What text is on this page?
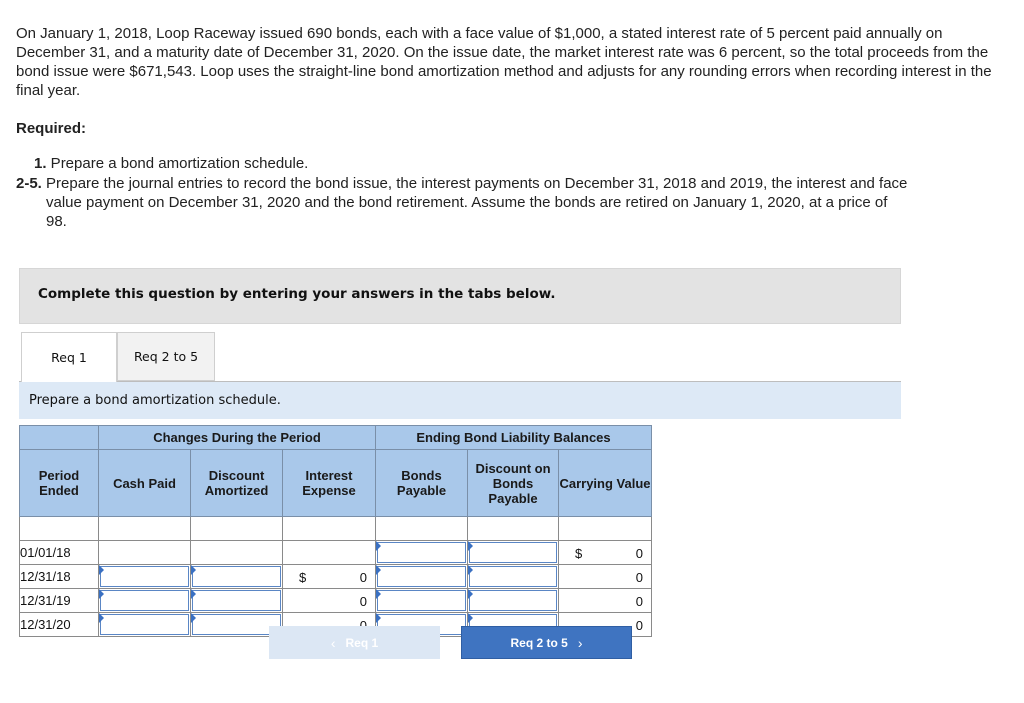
On January 1, 2018, Loop Raceway issued 690 bonds, each with a face value of $1,000, a stated interest rate of 5 percent paid annually on December 31, and a maturity date of December 31, 2020. On the issue date, the market interest rate was 6 percent, so the total proceeds from the bond issue were $671,543. Loop uses the straight-line bond amortization method and adjusts for any rounding errors when recording interest in the final year.
Required:
1. Prepare a bond amortization schedule.
2-5. Prepare the journal entries to record the bond issue, the interest payments on December 31, 2018 and 2019, the interest and face
value payment on December 31, 2020 and the bond retirement. Assume the bonds are retired on January 1, 2020, at a price of
98.
Complete this question by entering your answers in the tabs below.
Req 1	Req 2 to 5
Prepare a bond amortization schedule.
	Changes During the Period			Ending Bond Liability Balances		
Period Ended	Cash Paid	Discount Amortized	Interest Expense	Bonds Payable	Discount on Bonds Payable	Carrying Value

01/01/18						$ 0

12/31/18			$ 0			0

12/31/19			0			0

12/31/20						0
‹ Req 1	Req 2 to 5 ›
